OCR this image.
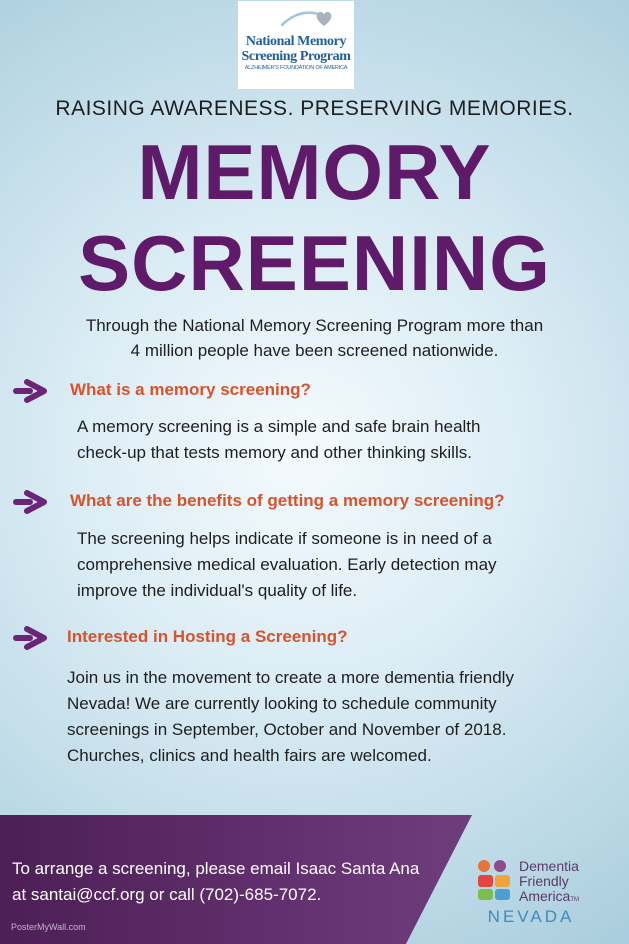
National Memory
Screening Program
ALZHEIMER'S FOUNDATION OF AMERICA
RAISING AWARENESS. PRESERVING MEMORIES.
MEMORY
SCREENING
Through the National Memory Screening Program more than
4 million people have been screened nationwide.
What is a memory screening?
A memory screening is a simple and safe brain health
check-up that tests memory and other thinking skills.
What are the benefits of getting a memory screening?
The screening helps indicate if someone is in need of a
comprehensive medical evaluation. Early detection may
improve the individual's quality of life.
Interested in Hosting a Screening?
Join us in the movement to create a more dementia friendly
Nevada! We are currently looking to schedule community
screenings in September, October and November of 2018.
Churches, clinics and health fairs are welcomed.
To arrange a screening, please email Isaac Santa Ana
at santai@ccf.org or call (702)-685-7072.
PosterMyWall.com
Dementia
Friendly
AmericaTM
NEVADA
